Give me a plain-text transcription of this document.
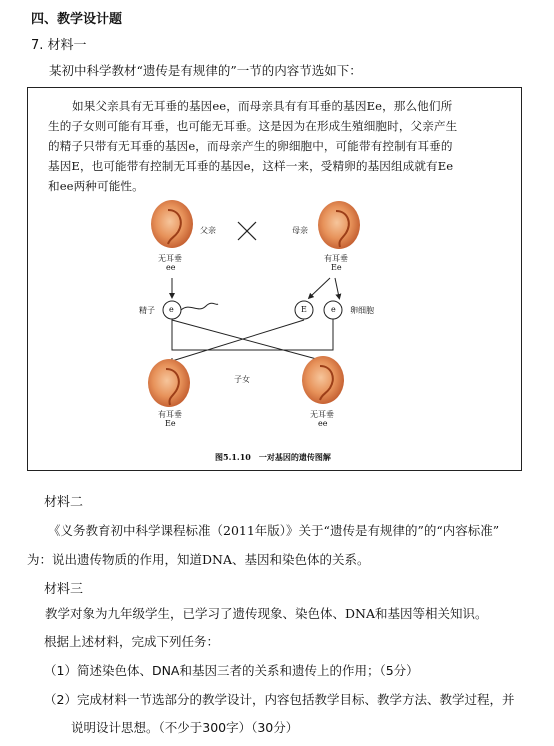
四、教学设计题
7. 材料一
某初中科学教材“遗传是有规律的”一节的内容节选如下：
如果父亲具有无耳垂的基因ee，而母亲具有有耳垂的基因Ee，那么他们所
生的子女则可能有耳垂，也可能无耳垂。这是因为在形成生殖细胞时，父亲产生
的精子只带有无耳垂的基因e，而母亲产生的卵细胞中，可能带有控制有耳垂的
基因E，也可能带有控制无耳垂的基因e，这样一来，受精卵的基因组成就有Ee
和ee两种可能性。
父亲	母亲
无耳垂
ee
有耳垂
Ee
精子 e	E	e 卵细胞
子女
有耳垂
Ee
无耳垂
ee
图5.1.10　一对基因的遗传图解
材料二
《义务教育初中科学课程标准（2011年版）》关于“遗传是有规律的”的“内容标准”
为：说出遗传物质的作用，知道DNA、基因和染色体的关系。
材料三
教学对象为九年级学生，已学习了遗传现象、染色体、DNA和基因等相关知识。
根据上述材料，完成下列任务：
（1）简述染色体、DNA和基因三者的关系和遗传上的作用；（5分）
（2）完成材料一节选部分的教学设计，内容包括教学目标、教学方法、教学过程，并
说明设计思想。（不少于300字）（30分）
